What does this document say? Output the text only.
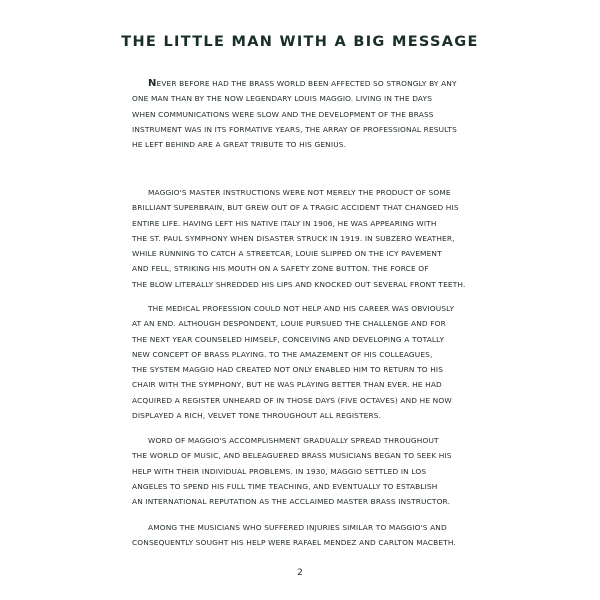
THE LITTLE MAN WITH A BIG MESSAGE

NEVER BEFORE HAD THE BRASS WORLD BEEN AFFECTED SO STRONGLY BY ANY
ONE MAN THAN BY THE NOW LEGENDARY LOUIS MAGGIO. LIVING IN THE DAYS
WHEN COMMUNICATIONS WERE SLOW AND THE DEVELOPMENT OF THE BRASS
INSTRUMENT WAS IN ITS FORMATIVE YEARS, THE ARRAY OF PROFESSIONAL RESULTS
HE LEFT BEHIND ARE A GREAT TRIBUTE TO HIS GENIUS.

MAGGIO'S MASTER INSTRUCTIONS WERE NOT MERELY THE PRODUCT OF SOME
BRILLIANT SUPERBRAIN, BUT GREW OUT OF A TRAGIC ACCIDENT THAT CHANGED HIS
ENTIRE LIFE. HAVING LEFT HIS NATIVE ITALY IN 1906, HE WAS APPEARING WITH
THE ST. PAUL SYMPHONY WHEN DISASTER STRUCK IN 1919. IN SUBZERO WEATHER,
WHILE RUNNING TO CATCH A STREETCAR, LOUIE SLIPPED ON THE ICY PAVEMENT
AND FELL, STRIKING HIS MOUTH ON A SAFETY ZONE BUTTON. THE FORCE OF
THE BLOW LITERALLY SHREDDED HIS LIPS AND KNOCKED OUT SEVERAL FRONT TEETH.

THE MEDICAL PROFESSION COULD NOT HELP AND HIS CAREER WAS OBVIOUSLY
AT AN END. ALTHOUGH DESPONDENT, LOUIE PURSUED THE CHALLENGE AND FOR
THE NEXT YEAR COUNSELED HIMSELF, CONCEIVING AND DEVELOPING A TOTALLY
NEW CONCEPT OF BRASS PLAYING. TO THE AMAZEMENT OF HIS COLLEAGUES,
THE SYSTEM MAGGIO HAD CREATED NOT ONLY ENABLED HIM TO RETURN TO HIS
CHAIR WITH THE SYMPHONY, BUT HE WAS PLAYING BETTER THAN EVER. HE HAD
ACQUIRED A REGISTER UNHEARD OF IN THOSE DAYS (FIVE OCTAVES) AND HE NOW
DISPLAYED A RICH, VELVET TONE THROUGHOUT ALL REGISTERS.

WORD OF MAGGIO'S ACCOMPLISHMENT GRADUALLY SPREAD THROUGHOUT
THE WORLD OF MUSIC, AND BELEAGUERED BRASS MUSICIANS BEGAN TO SEEK HIS
HELP WITH THEIR INDIVIDUAL PROBLEMS. IN 1930, MAGGIO SETTLED IN LOS
ANGELES TO SPEND HIS FULL TIME TEACHING, AND EVENTUALLY TO ESTABLISH
AN INTERNATIONAL REPUTATION AS THE ACCLAIMED MASTER BRASS INSTRUCTOR.

AMONG THE MUSICIANS WHO SUFFERED INJURIES SIMILAR TO MAGGIO'S AND
CONSEQUENTLY SOUGHT HIS HELP WERE RAFAEL MENDEZ AND CARLTON MACBETH.

2
